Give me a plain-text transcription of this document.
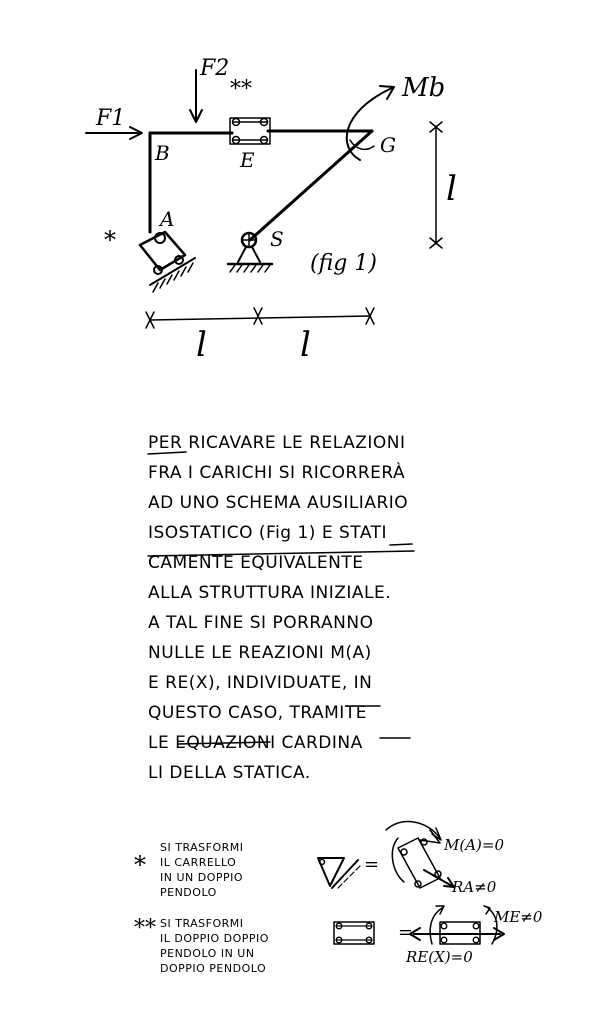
F1
F2
**	Mb
B	E
G
A
S
*
(fig 1)
l
l	l
PER RICAVARE LE RELAZIONI
FRA I CARICHI SI RICORRERÀ
AD UNO SCHEMA AUSILIARIO
ISOSTATICO (Fig 1) E STATI
CAMENTE EQUIVALENTE
ALLA STRUTTURA INIZIALE.
A TAL FINE SI PORRANNO
NULLE LE REAZIONI M(A)
E RE(X), INDIVIDUATE, IN
QUESTO CASO, TRAMITE
LE EQUAZIONI CARDINA
LI DELLA STATICA.
*
SI TRASFORMI
IL CARRELLO
IN UN DOPPIO
PENDOLO
=
M(A)=0
RA≠0
** SI TRASFORMI
IL DOPPIO DOPPIO
PENDOLO IN UN
DOPPIO PENDOLO
=
ME≠0
RE(X)=0
